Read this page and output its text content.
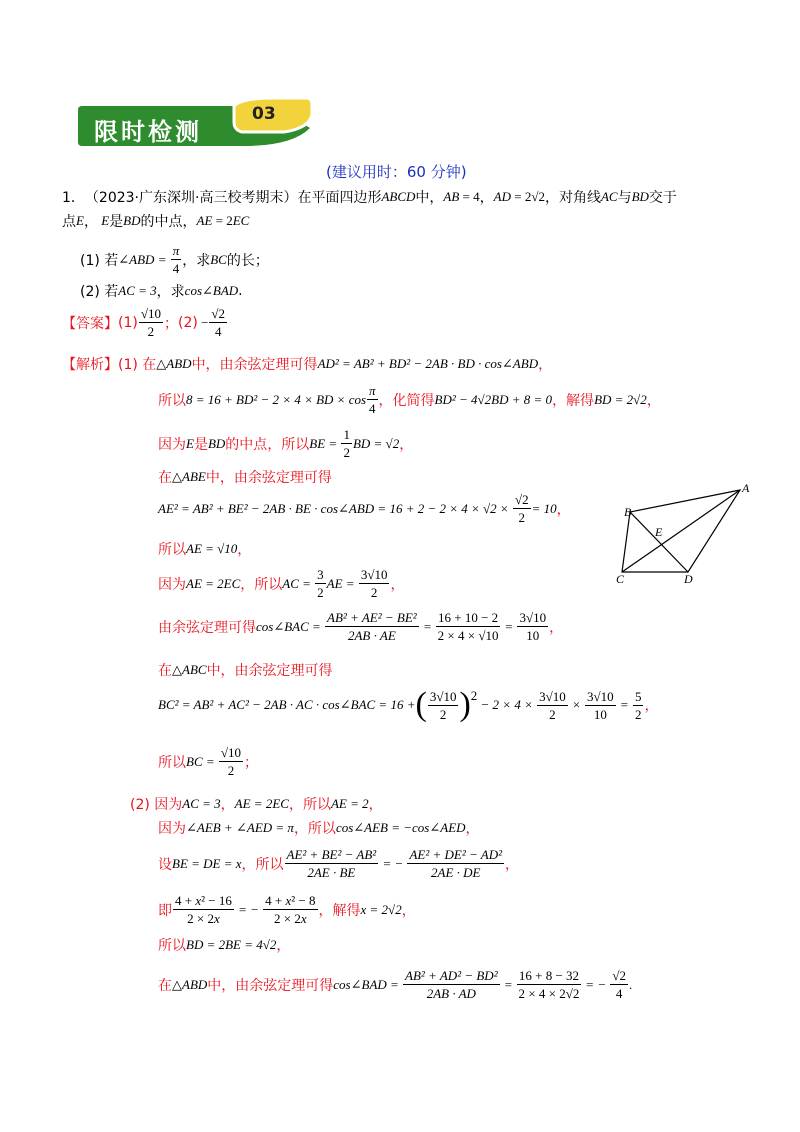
限时检测
03
(建议用时：60 分钟)
1． （2023·广东深圳·高三校考期末）在平面四边形 ABCD 中， AB = 4 ， AD = 2√2 ，对角线 AC 与 BD 交于
点 E ， E 是 BD 的中点， AE = 2 EC
(1) 若 ∠ABD = $\frac{\pi}{4}$ ，求 BC 的长；
(2) 若 AC = 3 ，求 cos∠BAD .
【答案】 (1)
√10
2 ； $(2) - \frac{√2}{4}$
【解析】 (1) 在 △ABD 中，由余弦定理可得 AD² = AB² + BD² − 2AB · BD · cos∠ABD ，
所以 8 = 16 + BD² − 2 × 4 × BD × cos
π
4 ，化简得 BD² − 4√2BD + 8 = 0 ，解得 BD = 2√2 ，
因为 E 是 BD 的中点，所以 BE = $\frac{1}{2}$ BD = √2 ，
在 △ABE 中，由余弦定理可得
AE² = AB² + BE² − 2AB · BE · cos∠ABD = $16 + 2 - 2 \times 4 \times √2 \times \frac{√2}{2} = 10$ ，
所以 AE = √10 ，
因为 AE = 2EC ，所以 AC = $\frac{3}{2}$ AE = $\frac{3√10}{2}$ ，
由余弦定理可得 cos∠BAC = $\frac{\text{AB² + AE² − BE²}}{2AB \cdot AE} = \frac{16 + 10 - 2}{2 \times 4 \times √10} = \frac{3√10}{10}$ ，
在 △ABC 中，由余弦定理可得
BC² = AB² + AC² − 2AB · AC · cos∠BAC = 16 + ( 3√10
2 ) 2
− $2 \times 4 \times \frac{3√10}{2} \times \frac{3√10}{10} = \frac{5}{2}$ ，
所以 BC = $\frac{√10}{2}$ ；
(2) 因为 AC = 3 ， AE = 2EC ，所以 AE = 2 ，
因为 ∠AEB + ∠AED = π ，所以 cos∠AEB = −cos∠AED ，
设 BE = DE = x ，所以 $\frac{\text{AE² + BE² − AB²}}{2AE \cdot BE}$ = − $\frac{\text{AE² + DE² − AD²}}{2AE \cdot DE}$ ，
即 $\frac{\text{4 + x² − 16}}{2 \times 2x}$ = − $\frac{\text{4 + x² − 8}}{2 \times 2x}$ ，解得 x = 2√2 ，
所以 BD = 2BE = 4√2 ，
在 △ABD 中，由余弦定理可得 cos∠BAD = $\frac{\text{AB² + AD² − BD²}}{2AB \cdot AD} = \frac{16 + 8 - 32}{2 \times 4 \times 2√2}$ = − $\frac{√2}{4}$ .
A
B
C	D
E
